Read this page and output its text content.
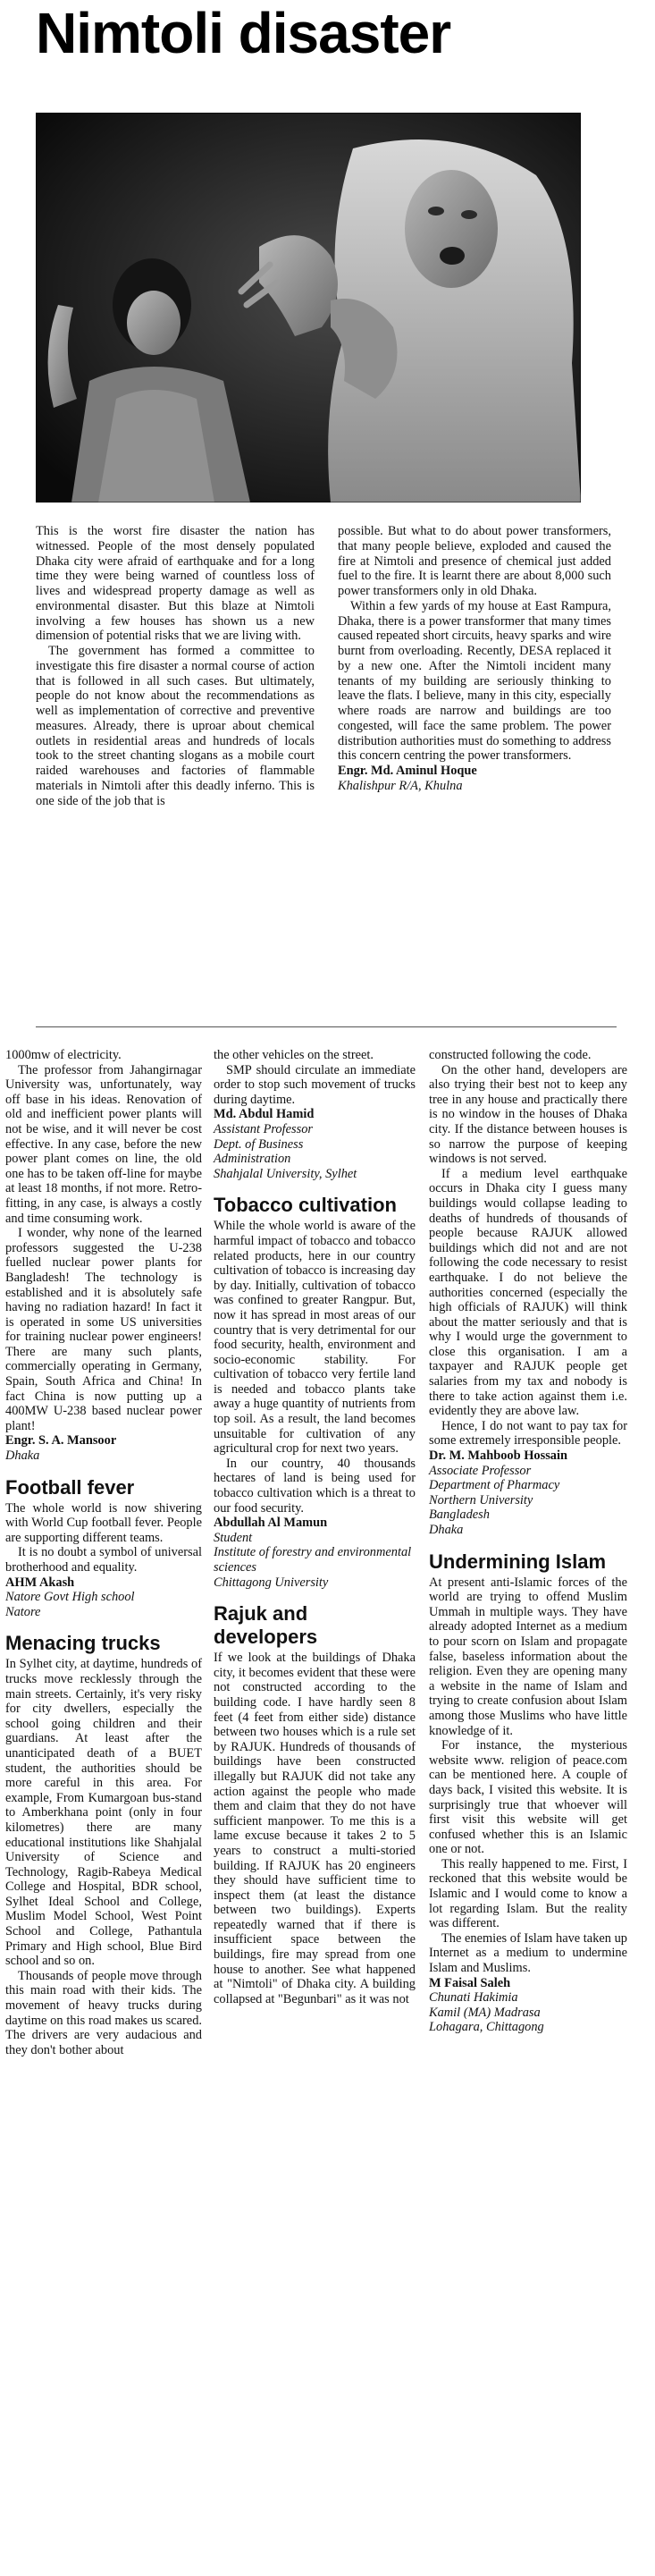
Nimtoli disaster

This is the worst fire disaster the nation has witnessed. People of the most densely populated Dhaka city were afraid of earthquake and for a long time they were being warned of countless loss of lives and widespread property damage as well as environmental disaster. But this blaze at Nimtoli involving a few houses has shown us a new dimension of potential risks that we are living with.

The government has formed a committee to investigate this fire disaster a normal course of action that is followed in all such cases. But ultimately, people do not know about the recommendations as well as implementation of corrective and preventive measures. Already, there is uproar about chemical outlets in residential areas and hundreds of locals took to the street chanting slogans as a mobile court raided warehouses and factories of flammable materials in Nimtoli after this deadly inferno. This is one side of the job that is

possible. But what to do about power transformers, that many people believe, exploded and caused the fire at Nimtoli and presence of chemical just added fuel to the fire. It is learnt there are about 8,000 such power transformers only in old Dhaka.

Within a few yards of my house at East Rampura, Dhaka, there is a power transformer that many times caused repeated short circuits, heavy sparks and wire burnt from overloading. Recently, DESA replaced it by a new one. After the Nimtoli incident many tenants of my building are seriously thinking to leave the flats. I believe, many in this city, especially where roads are narrow and buildings are too congested, will face the same problem. The power distribution authorities must do something to address this concern centring the power transformers.

Engr. Md. Aminul Hoque
Khalishpur R/A, Khulna

1000mw of electricity.

The professor from Jahangirnagar University was, unfortunately, way off base in his ideas. Renovation of old and inefficient power plants will not be wise, and it will never be cost effective. In any case, before the new power plant comes on line, the old one has to be taken off-line for maybe at least 18 months, if not more. Retro-fitting, in any case, is always a costly and time consuming work.

I wonder, why none of the learned professors suggested the U-238 fuelled nuclear power plants for Bangladesh! The technology is established and it is absolutely safe having no radiation hazard! In fact it is operated in some US universities for training nuclear power engineers! There are many such plants, commercially operating in Germany, Spain, South Africa and China! In fact China is now putting up a 400MW U-238 based nuclear power plant!

Engr. S. A. Mansoor
Dhaka
Football fever

The whole world is now shivering with World Cup football fever. People are supporting different teams.

It is no doubt a symbol of universal brotherhood and equality.

AHM Akash
Natore Govt High school
Natore
Menacing trucks

In Sylhet city, at daytime, hundreds of trucks move recklessly through the main streets. Certainly, it's very risky for city dwellers, especially the school going children and their guardians. At least after the unanticipated death of a BUET student, the authorities should be more careful in this area. For example, From Kumargoan bus-stand to Amberkhana point (only in four kilometres) there are many educational institutions like Shahjalal University of Science and Technology, Ragib-Rabeya Medical College and Hospital, BDR school, Sylhet Ideal School and College, Muslim Model School, West Point School and College, Pathantula Primary and High school, Blue Bird school and so on.

Thousands of people move through this main road with their kids. The movement of heavy trucks during daytime on this road makes us scared. The drivers are very audacious and they don't bother about

the other vehicles on the street.

SMP should circulate an immediate order to stop such movement of trucks during daytime.

Md. Abdul Hamid
Assistant Professor
Dept. of Business
Administration
Shahjalal University, Sylhet
Tobacco cultivation

While the whole world is aware of the harmful impact of tobacco and tobacco related products, here in our country cultivation of tobacco is increasing day by day. Initially, cultivation of tobacco was confined to greater Rangpur. But, now it has spread in most areas of our country that is very detrimental for our food security, health, environment and socio-economic stability. For cultivation of tobacco very fertile land is needed and tobacco plants take away a huge quantity of nutrients from top soil. As a result, the land becomes unsuitable for cultivation of any agricultural crop for next two years.

In our country, 40 thousands hectares of land is being used for tobacco cultivation which is a threat to our food security.

Abdullah Al Mamun
Student
Institute of forestry and environmental sciences
Chittagong University
Rajuk and developers

If we look at the buildings of Dhaka city, it becomes evident that these were not constructed according to the building code. I have hardly seen 8 feet (4 feet from either side) distance between two houses which is a rule set by RAJUK. Hundreds of thousands of buildings have been constructed illegally but RAJUK did not take any action against the people who made them and claim that they do not have sufficient manpower. To me this is a lame excuse because it takes 2 to 5 years to construct a multi-storied building. If RAJUK has 20 engineers they should have sufficient time to inspect them (at least the distance between two buildings). Experts repeatedly warned that if there is insufficient space between the buildings, fire may spread from one house to another. See what happened at "Nimtoli" of Dhaka city. A building collapsed at "Begunbari" as it was not

constructed following the code.

On the other hand, developers are also trying their best not to keep any tree in any house and practically there is no window in the houses of Dhaka city. If the distance between houses is so narrow the purpose of keeping windows is not served.

If a medium level earthquake occurs in Dhaka city I guess many buildings would collapse leading to deaths of hundreds of thousands of people because RAJUK allowed buildings which did not and are not following the code necessary to resist earthquake. I do not believe the authorities concerned (especially the high officials of RAJUK) will think about the matter seriously and that is why I would urge the government to close this organisation. I am a taxpayer and RAJUK people get salaries from my tax and nobody is there to take action against them i.e. evidently they are above law.

Hence, I do not want to pay tax for some extremely irresponsible people.

Dr. M. Mahboob Hossain
Associate Professor
Department of Pharmacy
Northern University
Bangladesh
Dhaka
Undermining Islam

At present anti-Islamic forces of the world are trying to offend Muslim Ummah in multiple ways. They have already adopted Internet as a medium to pour scorn on Islam and propagate false, baseless information about the religion. Even they are opening many a website in the name of Islam and trying to create confusion about Islam among those Muslims who have little knowledge of it.

For instance, the mysterious website www. religion of peace.com can be mentioned here. A couple of days back, I visited this website. It is surprisingly true that whoever will first visit this website will get confused whether this is an Islamic one or not.

This really happened to me. First, I reckoned that this website would be Islamic and I would come to know a lot regarding Islam. But the reality was different.

The enemies of Islam have taken up Internet as a medium to undermine Islam and Muslims.

M Faisal Saleh
Chunati Hakimia
Kamil (MA) Madrasa
Lohagara, Chittagong
